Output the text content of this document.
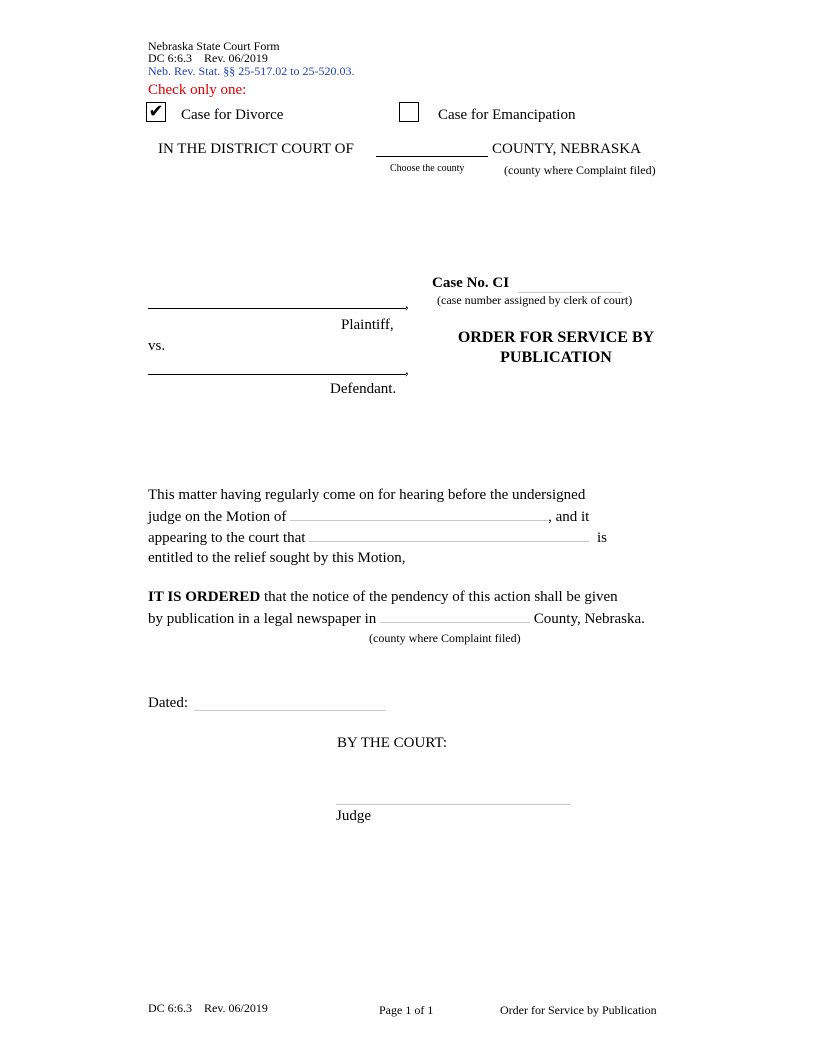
Nebraska State Court Form
DC 6:6.3    Rev. 06/2019
Neb. Rev. Stat. §§ 25-517.02 to 25-520.03.
Check only one:
✔ Case for Divorce	Case for Emancipation
IN THE DISTRICT COURT OF	COUNTY, NEBRASKA
Choose the county	(county where Complaint filed)
Case No. CI
(case number assigned by clerk of court)
,
Plaintiff,
vs.
,
Defendant.
ORDER FOR SERVICE BY
PUBLICATION
This matter having regularly come on for hearing before the undersigned
judge on the Motion of	, and it
appearing to the court that	is
entitled to the relief sought by this Motion,
IT IS ORDERED that the notice of the pendency of this action shall be given
by publication in a legal newspaper in	County, Nebraska.
(county where Complaint filed)
Dated:
BY THE COURT:
Judge
DC 6:6.3    Rev. 06/2019	Page 1 of 1	Order for Service by Publication
